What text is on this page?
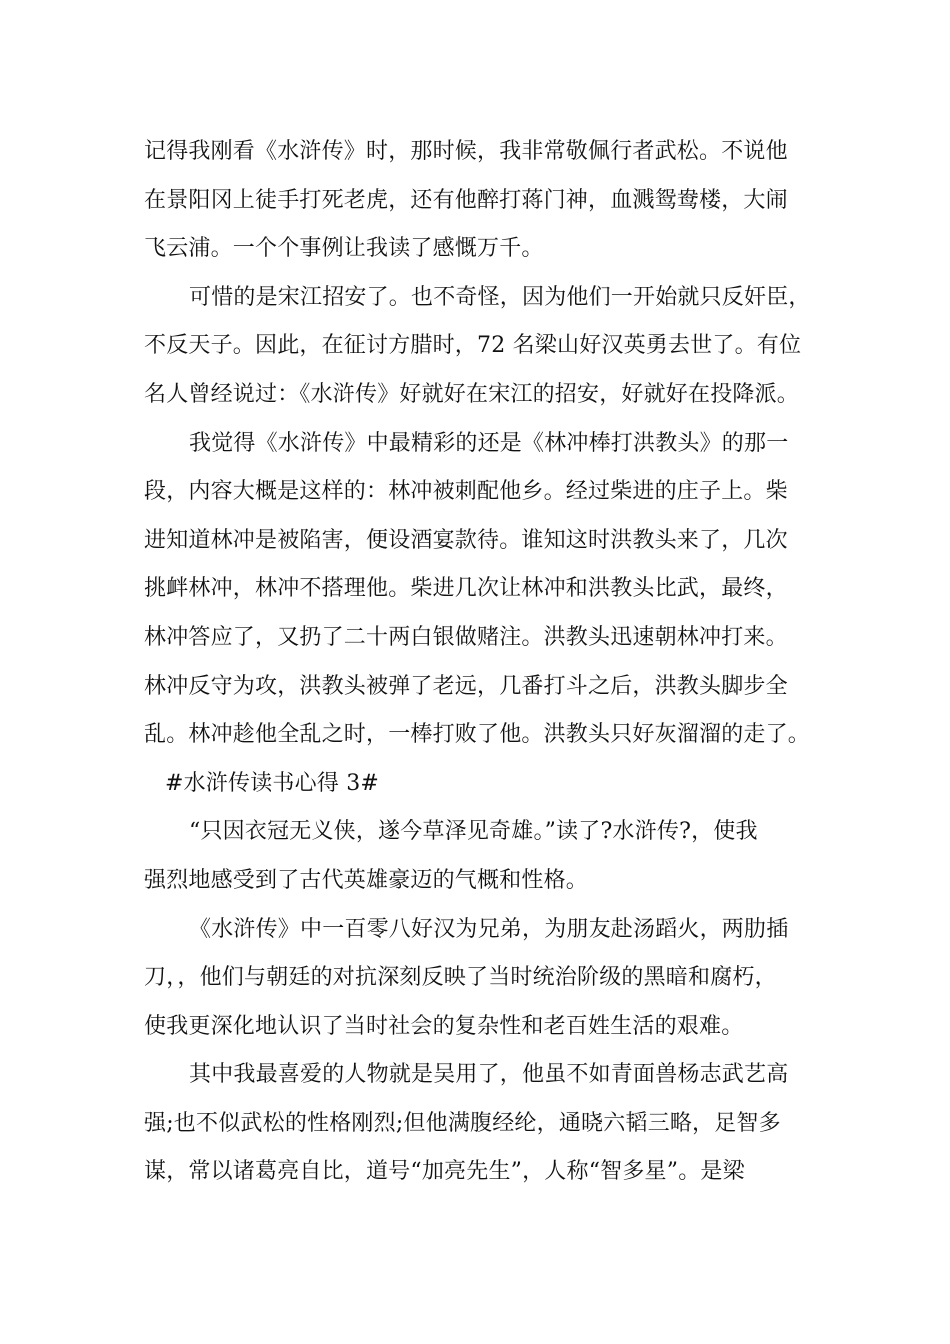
记得我刚看《水浒传》时，那时候，我非常敬佩行者武松。不说他
在景阳冈上徒手打死老虎，还有他醉打蒋门神，血溅鸳鸯楼，大闹
飞云浦。一个个事例让我读了感慨万千。
可惜的是宋江招安了。也不奇怪，因为他们一开始就只反奸臣，
不反天子。因此，在征讨方腊时，72 名梁山好汉英勇去世了。有位
名人曾经说过：《水浒传》好就好在宋江的招安，好就好在投降派。
我觉得《水浒传》中最精彩的还是《林冲棒打洪教头》的那一
段，内容大概是这样的：林冲被刺配他乡。经过柴进的庄子上。柴
进知道林冲是被陷害，便设酒宴款待。谁知这时洪教头来了，几次
挑衅林冲，林冲不搭理他。柴进几次让林冲和洪教头比武，最终，
林冲答应了，又扔了二十两白银做赌注。洪教头迅速朝林冲打来。
林冲反守为攻，洪教头被弹了老远，几番打斗之后，洪教头脚步全
乱。林冲趁他全乱之时，一棒打败了他。洪教头只好灰溜溜的走了。
#水浒传读书心得 3#
“只因衣冠无义侠，遂今草泽见奇雄。”读了?水浒传?，使我
强烈地感受到了古代英雄豪迈的气概和性格。
《水浒传》中一百零八好汉为兄弟，为朋友赴汤蹈火，两肋插
刀，，他们与朝廷的对抗深刻反映了当时统治阶级的黑暗和腐朽，
使我更深化地认识了当时社会的复杂性和老百姓生活的艰难。
其中我最喜爱的人物就是吴用了，他虽不如青面兽杨志武艺高
强;也不似武松的性格刚烈;但他满腹经纶，通晓六韬三略，足智多
谋，常以诸葛亮自比，道号“加亮先生”，人称“智多星”。是梁
